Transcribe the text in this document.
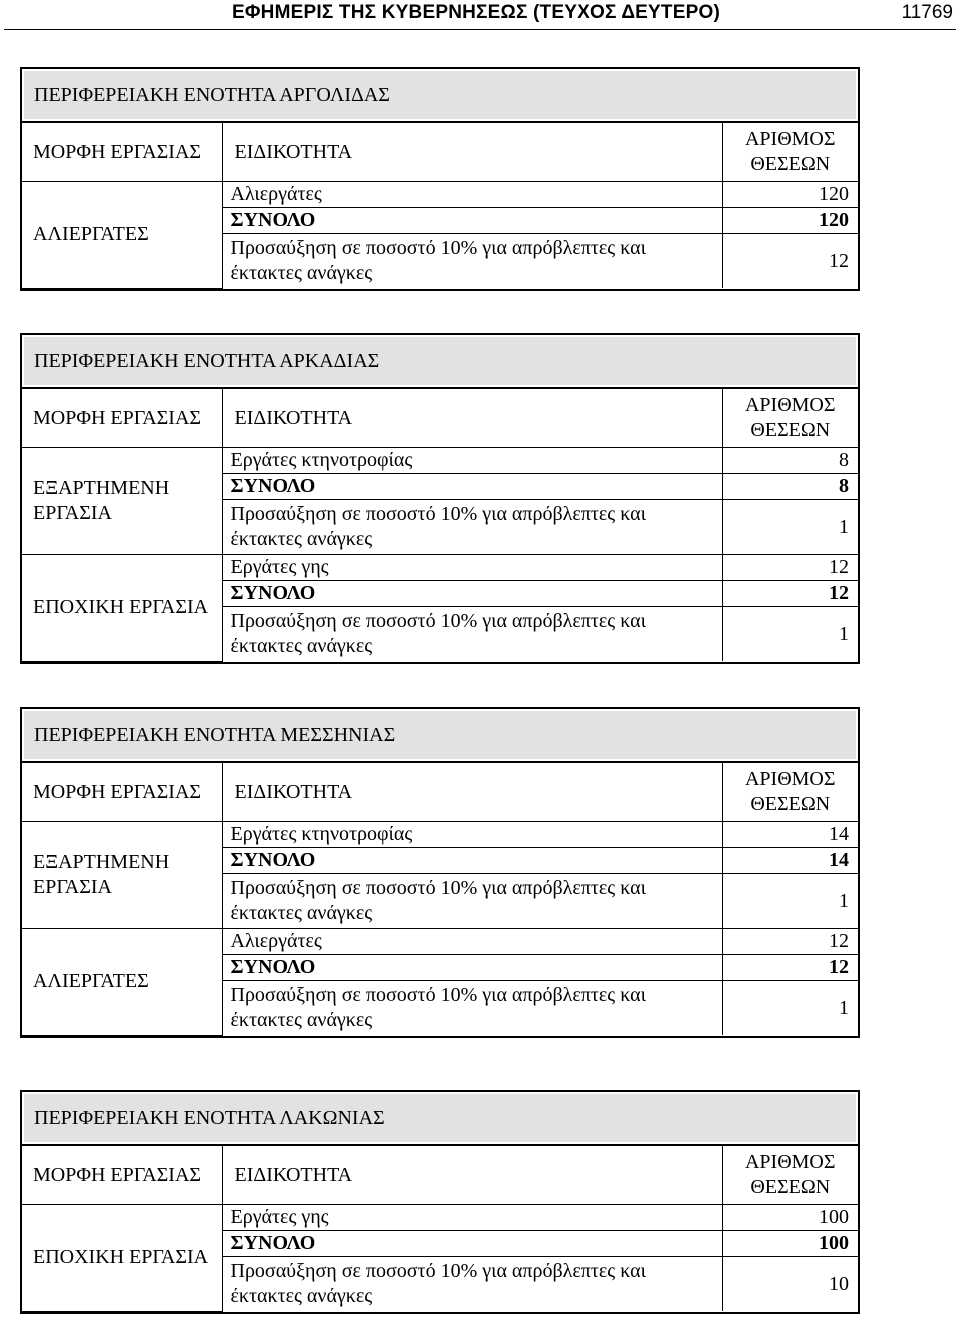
ΕΦΗΜΕΡΙΣ ΤΗΣ ΚΥΒΕΡΝΗΣΕΩΣ (ΤΕΥΧΟΣ ΔΕΥΤΕΡΟ)	11769
ΠΕΡΙΦΕΡΕΙΑΚΗ ΕΝΟΤΗΤΑ ΑΡΓΟΛΙΔΑΣ
ΜΟΡΦΗ ΕΡΓΑΣΙΑΣ	ΕΙΔΙΚΟΤΗΤΑ	ΑΡΙΘΜΟΣ ΘΕΣΕΩΝ
ΑΛΙΕΡΓΑΤΕΣ	Αλιεργάτες	120
	ΣΥΝΟΛΟ	120
	Προσαύξηση σε ποσοστό 10% για απρόβλεπτες και έκτακτες ανάγκες	12
ΠΕΡΙΦΕΡΕΙΑΚΗ ΕΝΟΤΗΤΑ ΑΡΚΑΔΙΑΣ
ΜΟΡΦΗ ΕΡΓΑΣΙΑΣ	ΕΙΔΙΚΟΤΗΤΑ	ΑΡΙΘΜΟΣ ΘΕΣΕΩΝ
ΕΞΑΡΤΗΜΕΝΗ ΕΡΓΑΣΙΑ	Εργάτες κτηνοτροφίας	8
	ΣΥΝΟΛΟ	8
	Προσαύξηση σε ποσοστό 10% για απρόβλεπτες και έκτακτες ανάγκες	1
ΕΠΟΧΙΚΗ ΕΡΓΑΣΙΑ	Εργάτες γης	12
	ΣΥΝΟΛΟ	12
	Προσαύξηση σε ποσοστό 10% για απρόβλεπτες και έκτακτες ανάγκες	1
ΠΕΡΙΦΕΡΕΙΑΚΗ ΕΝΟΤΗΤΑ ΜΕΣΣΗΝΙΑΣ
ΜΟΡΦΗ ΕΡΓΑΣΙΑΣ	ΕΙΔΙΚΟΤΗΤΑ	ΑΡΙΘΜΟΣ ΘΕΣΕΩΝ
ΕΞΑΡΤΗΜΕΝΗ ΕΡΓΑΣΙΑ	Εργάτες κτηνοτροφίας	14
	ΣΥΝΟΛΟ	14
	Προσαύξηση σε ποσοστό 10% για απρόβλεπτες και έκτακτες ανάγκες	1
ΑΛΙΕΡΓΑΤΕΣ	Αλιεργάτες	12
	ΣΥΝΟΛΟ	12
	Προσαύξηση σε ποσοστό 10% για απρόβλεπτες και έκτακτες ανάγκες	1
ΠΕΡΙΦΕΡΕΙΑΚΗ ΕΝΟΤΗΤΑ ΛΑΚΩΝΙΑΣ
ΜΟΡΦΗ ΕΡΓΑΣΙΑΣ	ΕΙΔΙΚΟΤΗΤΑ	ΑΡΙΘΜΟΣ ΘΕΣΕΩΝ
ΕΠΟΧΙΚΗ ΕΡΓΑΣΙΑ	Εργάτες γης	100
	ΣΥΝΟΛΟ	100
	Προσαύξηση σε ποσοστό 10% για απρόβλεπτες και έκτακτες ανάγκες	10
